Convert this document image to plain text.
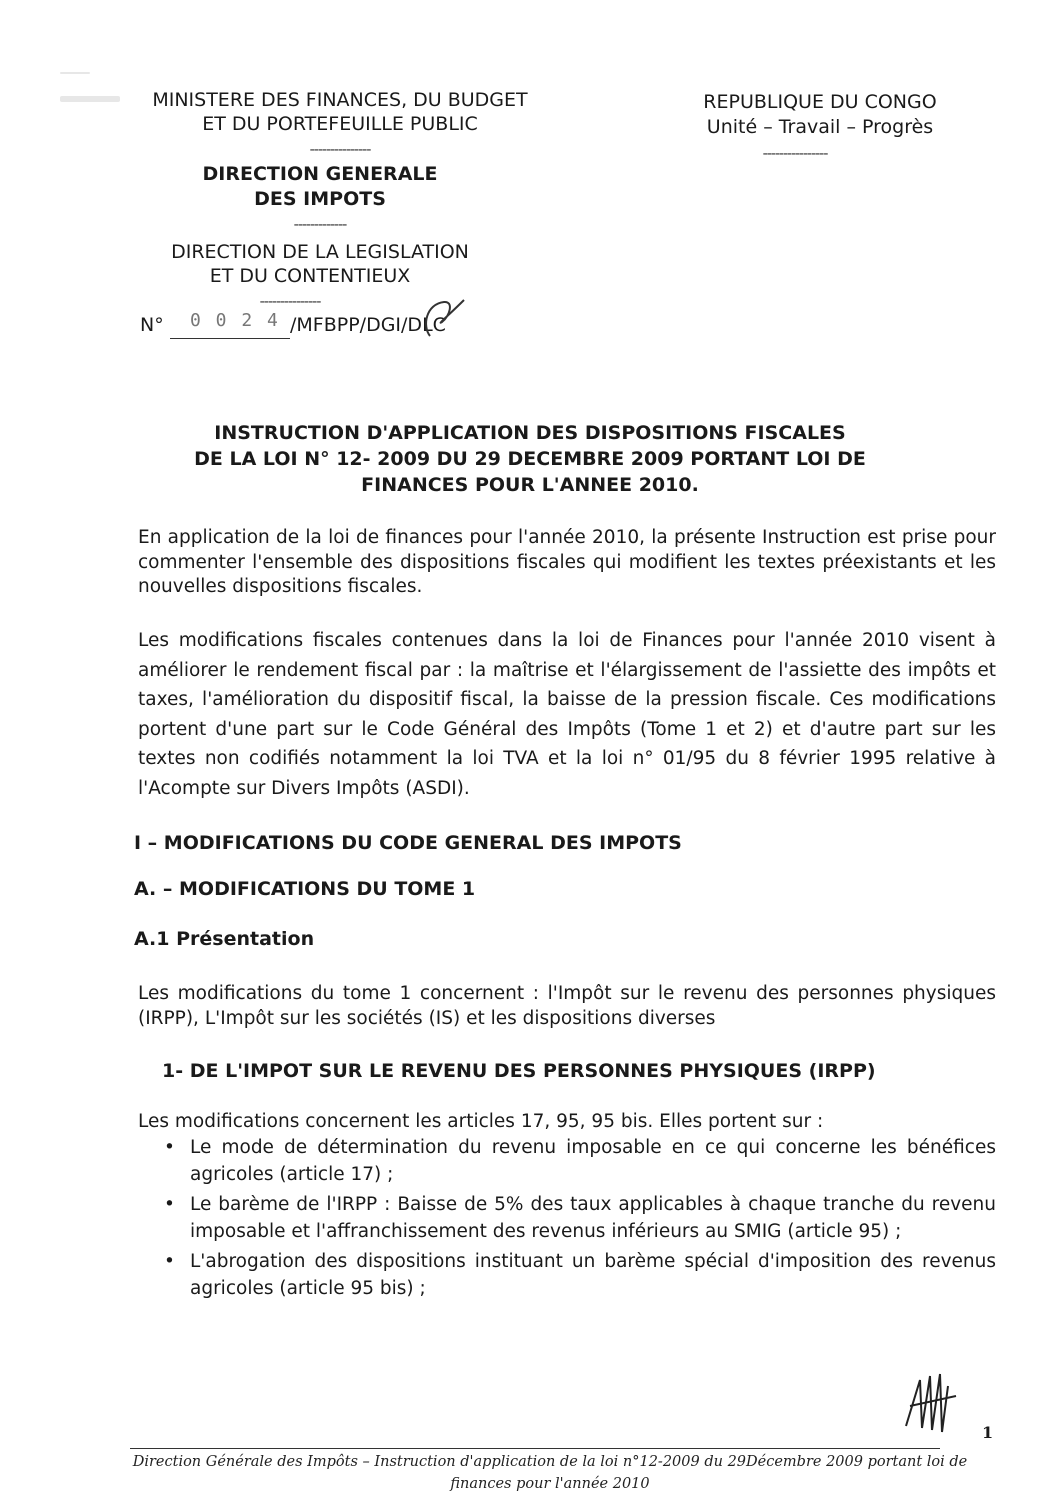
MINISTERE DES FINANCES, DU BUDGET
ET DU PORTEFEUILLE PUBLIC
---------------
DIRECTION GENERALE
DES IMPOTS
-------------
DIRECTION DE LA LEGISLATION
ET DU CONTENTIEUX
---------------
N° 0 0 2 4 /MFBPP/DGI/DLC
REPUBLIQUE DU CONGO
Unité – Travail – Progrès
----------------
INSTRUCTION D'APPLICATION DES DISPOSITIONS FISCALES
DE LA LOI N° 12- 2009 DU 29 DECEMBRE 2009 PORTANT LOI DE
FINANCES POUR L'ANNEE 2010.
En application de la loi de finances pour l'année 2010, la présente Instruction est prise pour commenter l'ensemble des dispositions fiscales qui modifient les textes préexistants et les nouvelles dispositions fiscales.
Les modifications fiscales contenues dans la loi de Finances pour l'année 2010 visent à améliorer le rendement fiscal par : la maîtrise et l'élargissement de l'assiette des impôts et taxes, l'amélioration du dispositif fiscal, la baisse de la pression fiscale. Ces modifications portent d'une part sur le Code Général des Impôts (Tome 1 et 2) et d'autre part sur les textes non codifiés notamment la loi TVA et la loi n° 01/95 du 8 février 1995 relative à l'Acompte sur Divers Impôts (ASDI).
I – MODIFICATIONS DU CODE GENERAL DES IMPOTS
A. – MODIFICATIONS DU TOME 1
A.1 Présentation
Les modifications du tome 1 concernent : l'Impôt sur le revenu des personnes physiques (IRPP), L'Impôt sur les sociétés (IS) et les dispositions diverses
1- DE L'IMPOT SUR LE REVENU DES PERSONNES PHYSIQUES (IRPP)
Les modifications concernent les articles 17, 95, 95 bis. Elles portent sur :
• Le mode de détermination du revenu imposable en ce qui concerne les bénéfices agricoles (article 17) ;
• Le barème de l'IRPP : Baisse de 5% des taux applicables à chaque tranche du revenu imposable et l'affranchissement des revenus inférieurs au SMIG (article 95) ;
• L'abrogation des dispositions instituant un barème spécial d'imposition des revenus agricoles (article 95 bis) ;
1
Direction Générale des Impôts – Instruction d'application de la loi n°12-2009 du 29Décembre 2009 portant loi de
finances pour l'année 2010
